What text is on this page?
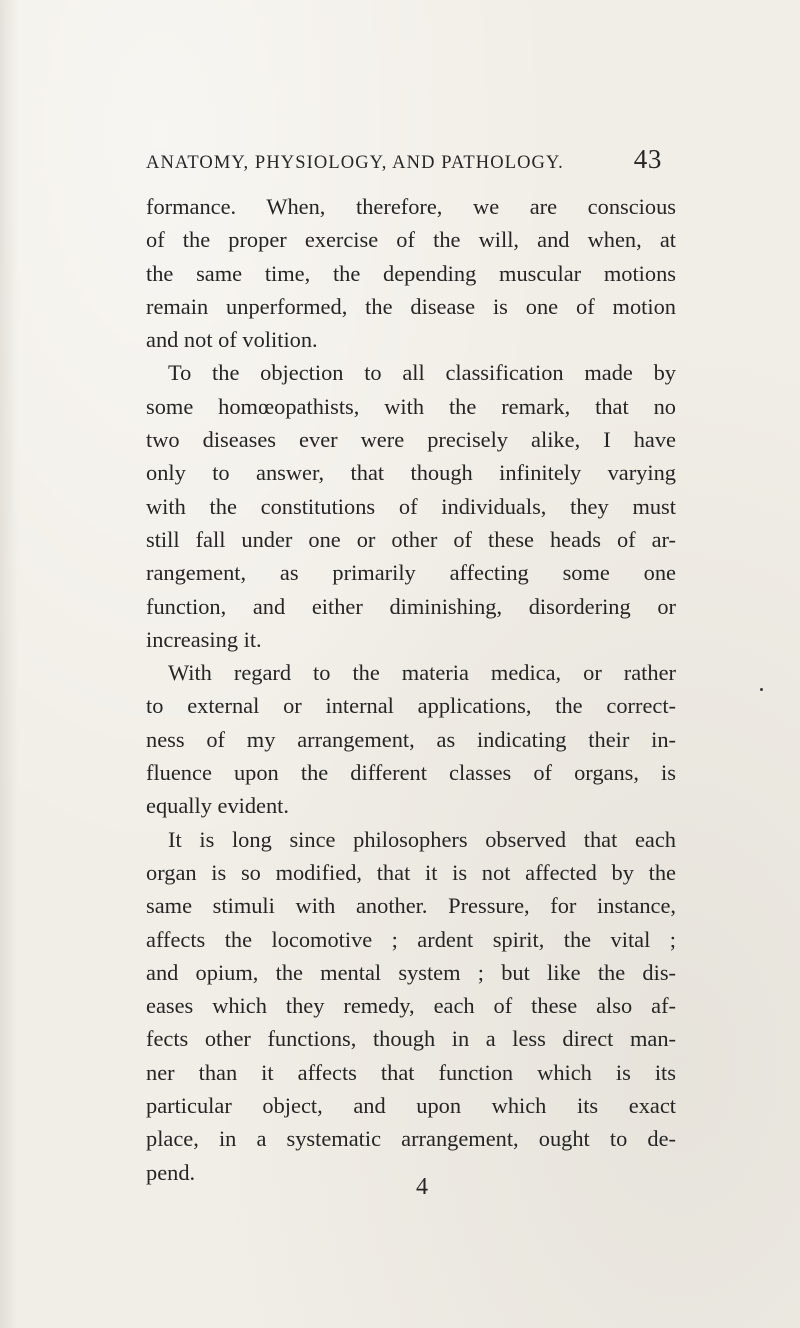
ANATOMY, PHYSIOLOGY, AND PATHOLOGY.	43
formance. When, therefore, we are conscious
of the proper exercise of the will, and when, at
the same time, the depending muscular motions
remain unperformed, the disease is one of motion
and not of volition.
To the objection to all classification made by
some homœopathists, with the remark, that no
two diseases ever were precisely alike, I have
only to answer, that though infinitely varying
with the constitutions of individuals, they must
still fall under one or other of these heads of ar-
rangement, as primarily affecting some one
function, and either diminishing, disordering or
increasing it.
With regard to the materia medica, or rather
to external or internal applications, the correct-
ness of my arrangement, as indicating their in-
fluence upon the different classes of organs, is
equally evident.
It is long since philosophers observed that each
organ is so modified, that it is not affected by the
same stimuli with another. Pressure, for instance,
affects the locomotive ; ardent spirit, the vital ;
and opium, the mental system ; but like the dis-
eases which they remedy, each of these also af-
fects other functions, though in a less direct man-
ner than it affects that function which is its
particular object, and upon which its exact
place, in a systematic arrangement, ought to de-
pend.
4
